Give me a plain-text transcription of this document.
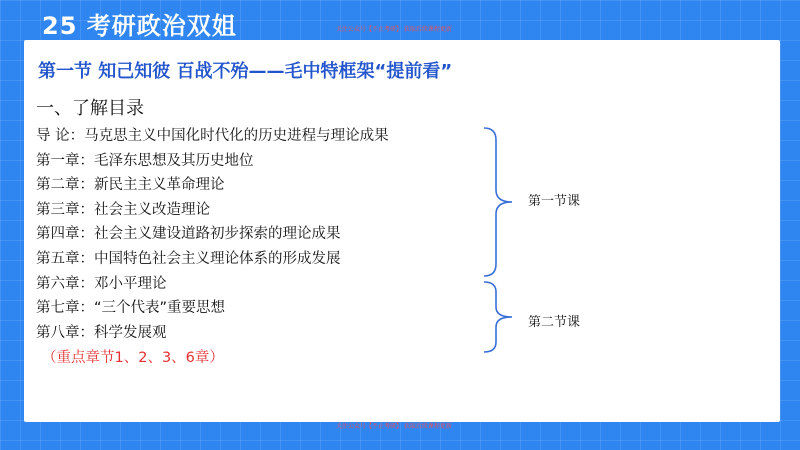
25 考研政治双姐	关注公众号【不止考研】 获取后续课程更新
第一节 知己知彼 百战不殆——毛中特框架“提前看”
一、了解目录
导 论：马克思主义中国化时代化的历史进程与理论成果
第一章：毛泽东思想及其历史地位
第二章：新民主主义革命理论
第三章：社会主义改造理论
第四章：社会主义建设道路初步探索的理论成果
第五章：中国特色社会主义理论体系的形成发展
第六章：邓小平理论
第七章：“三个代表”重要思想
第八章：科学发展观
（重点章节1、2、3、6章）
第一节课
第二节课
关注公众号【不止考研】 获取后续课程更新
